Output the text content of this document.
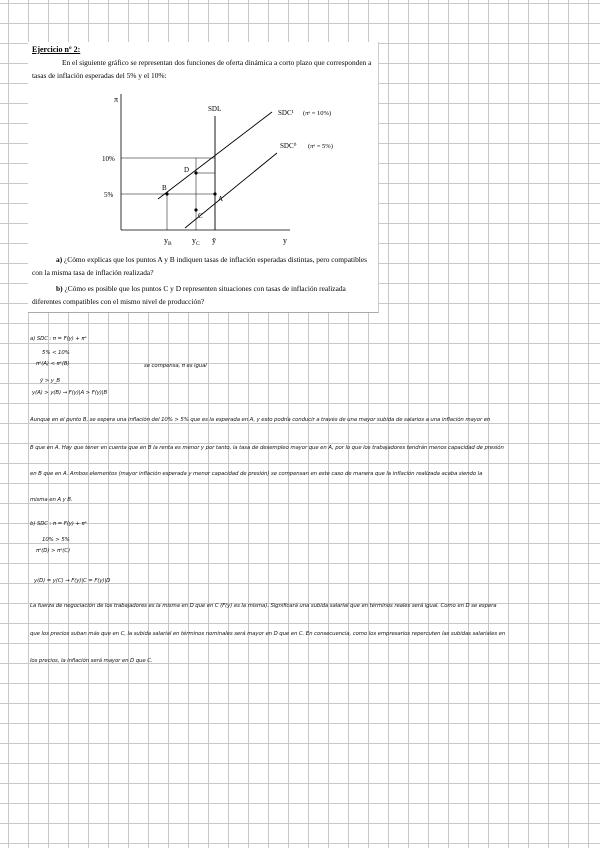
Ejercicio nº 2:
En el siguiente gráfico se representan dos funciones de oferta dinámica a corto plazo que corresponden a tasas de inflación esperadas del 5% y el 10%:
π
y
SDL	SDC¹ (πᵉ = 10%)
SDC⁰ (πᵉ = 5%)
10%
5%
B
A
C
D
$y_B$	$y_C$ ȳ
a) ¿Cómo explicas que los puntos A y B indiquen tasas de inflación esperadas distintas, pero compatibles con la misma tasa de inflación realizada?
b) ¿Cómo es posible que los puntos C y D representen situaciones con tasas de inflación realizada diferentes compatibles con el mismo nivel de producción?
a) SDC : π = F(y) + πᵉ
5% < 10%
πᵉ(A) < πᵉ(B)	se compensa, π es igual
ȳ > y_B
y(A) > y(B) → F(y)|A > F(y)|B
Aunque en el punto B, se espera una inflación del 10% > 5% que es la esperada en A, y esto podría conducir a través de una mayor subida de salarios a una inflación mayor en
B que en A. Hay que tener en cuenta que en B la renta es menor y por tanto, la tasa de desempleo mayor que en A, por lo que los trabajadores tendrán menos capacidad de presión
en B que en A. Ambos elementos (mayor inflación esperada y menor capacidad de presión) se compensan en este caso de manera que la inflación realizada acaba siendo la
misma en A y B.
b) SDC : π = F(y) + πᵉ
10% > 5%
πᵉ(D) > πᵉ(C)
y(D) = y(C) → F(y)|C = F(y)|D
La fuerza de negociación de los trabajadores es la misma en D que en C (F(y) es la misma). Significará una subida salarial que en términos reales será igual. Como en D se espera
que los precios suban más que en C, la subida salarial en términos nominales será mayor en D que en C. En consecuencia, como los empresarios repercuten las subidas salariales en
los precios, la inflación será mayor en D que C.
